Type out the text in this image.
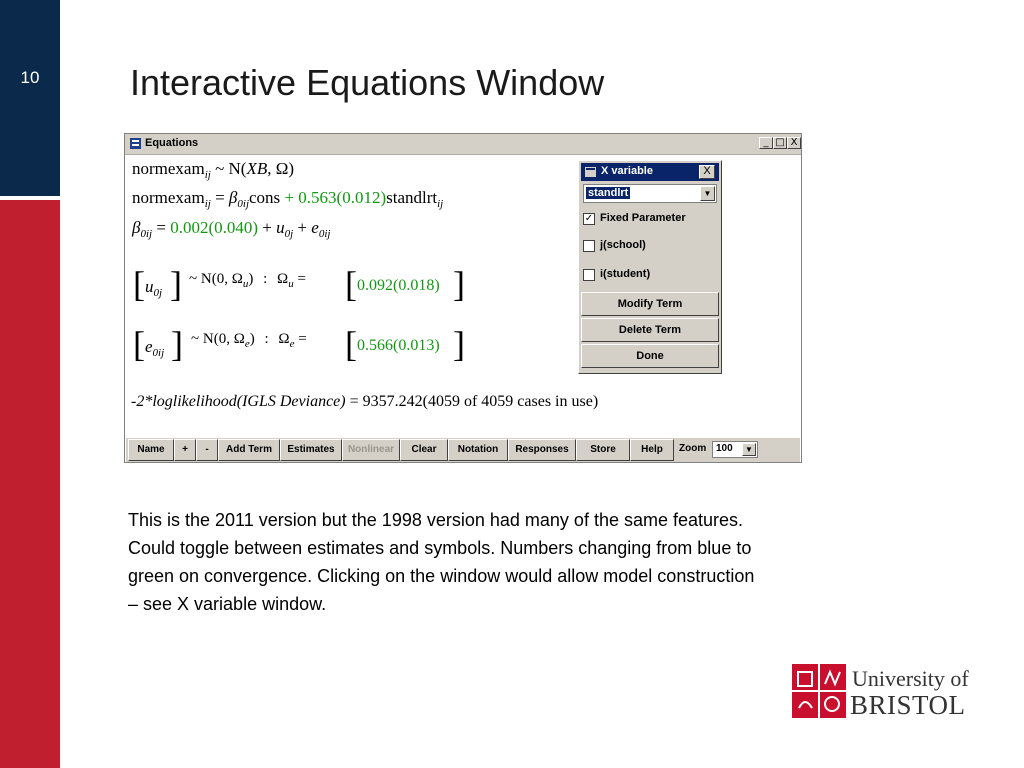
10	Interactive Equations Window
Equations	_ □ X
normexam$_{ij}$ ~ N(XB, Ω)
normexam$_{ij}$ = $\beta_{0ij}cons$ + 0.563(0.012)standlrt$_{ij}$
$\beta_{0ij} = 0.002(0.040) + u_{0j} + e_{0ij}$
[ $u_{0j}$ ] ~ N(0, $\Omega_u$) : $\Omega_u$ = [ 0.092(0.018) ]
[ $e_{0ij}$ ] ~ N(0, $\Omega_e$) : $\Omega_e$ = [ 0.566(0.013) ]
-2*loglikelihood(IGLS Deviance) = 9357.242(4059 of 4059 cases in use)
Name	+	-	Add Term	Estimates	Nonlinear	Clear	Notation	Responses	Store	Help	Zoom 100	▼
X variable	X
standlrt	▼
✓ Fixed Parameter
j(school)
i(student)
Modify Term
Delete Term
Done

This is the 2011 version but the 1998 version had many of the same features.

Could toggle between estimates and symbols. Numbers changing from blue to

green on convergence. Clicking on the window would allow model construction

– see X variable window.

University of
BRISTOL
